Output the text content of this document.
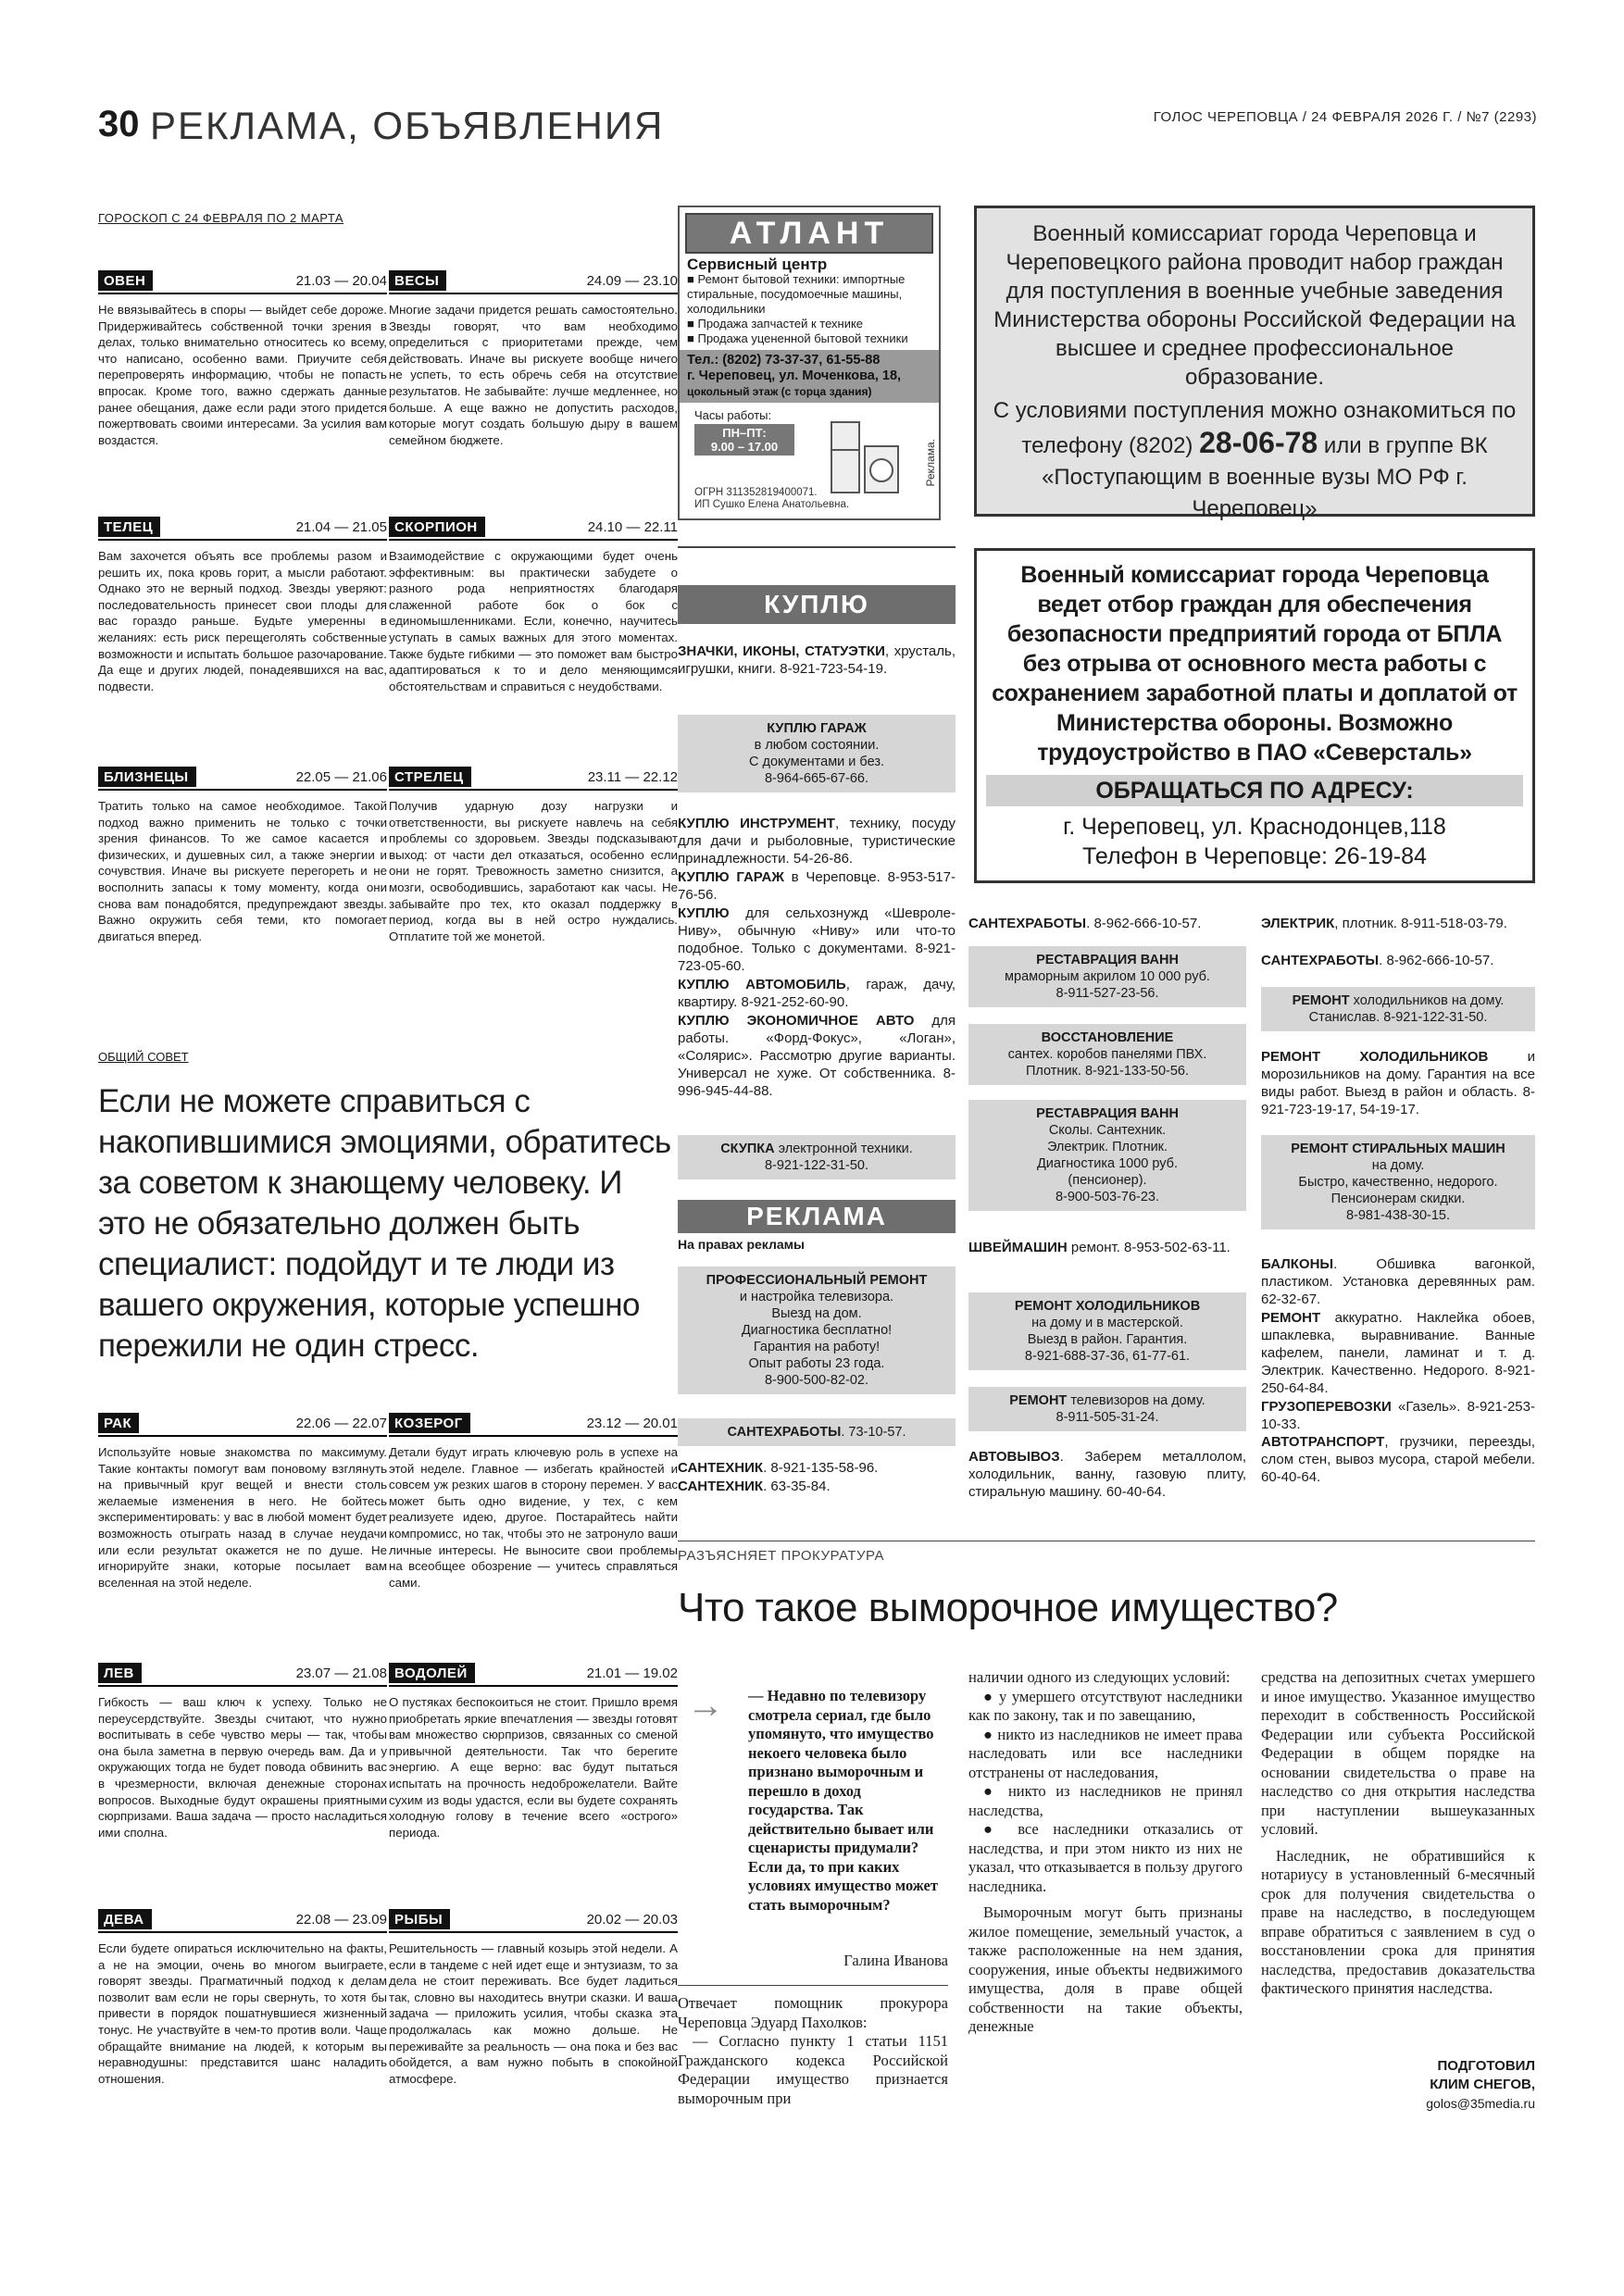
30 РЕКЛАМА, ОБЪЯВЛЕНИЯ	ГОЛОС ЧЕРЕПОВЦА / 24 ФЕВРАЛЯ 2026 Г. / №7 (2293)
ГОРОСКОП С 24 ФЕВРАЛЯ ПО 2 МАРТА
ОВЕН	21.03 — 20.04
Не ввязывайтесь в споры — выйдет себе дороже. Придерживайтесь собственной точки зрения в делах, только внимательно относитесь ко всему, что написано, особенно вами. Приучите себя перепроверять информацию, чтобы не попасть впросак. Кроме того, важно сдержать данные ранее обещания, даже если ради этого придется пожертвовать своими интересами. За усилия вам воздастся.
ВЕСЫ	24.09 — 23.10
Многие задачи придется решать самостоятельно. Звезды говорят, что вам необходимо определиться с приоритетами прежде, чем действовать. Иначе вы рискуете вообще ничего не успеть, то есть обречь себя на отсутствие результатов. Не забывайте: лучше медленнее, но больше. А еще важно не допустить расходов, которые могут создать большую дыру в вашем семейном бюджете.
ТЕЛЕЦ	21.04 — 21.05
Вам захочется объять все проблемы разом и решить их, пока кровь горит, а мысли работают. Однако это не верный подход. Звезды уверяют: последовательность принесет свои плоды для вас гораздо раньше. Будьте умеренны в желаниях: есть риск перещеголять собственные возможности и испытать большое разочарование. Да еще и других людей, понадеявшихся на вас, подвести.
СКОРПИОН	24.10 — 22.11
Взаимодействие с окружающими будет очень эффективным: вы практически забудете о разного рода неприятностях благодаря слаженной работе бок о бок с единомышленниками. Если, конечно, научитесь уступать в самых важных для этого моментах. Также будьте гибкими — это поможет вам быстро адаптироваться к то и дело меняющимся обстоятельствам и справиться с неудобствами.
БЛИЗНЕЦЫ	22.05 — 21.06
Тратить только на самое необходимое. Такой подход важно применить не только с точки зрения финансов. То же самое касается и физических, и душевных сил, а также энергии и сочувствия. Иначе вы рискуете перегореть и не восполнить запасы к тому моменту, когда они снова вам понадобятся, предупреждают звезды. Важно окружить себя теми, кто помогает двигаться вперед.
СТРЕЛЕЦ	23.11 — 22.12
Получив ударную дозу нагрузки и ответственности, вы рискуете навлечь на себя проблемы со здоровьем. Звезды подсказывают выход: от части дел отказаться, особенно если они не горят. Тревожность заметно снизится, а мозги, освободившись, заработают как часы. Не забывайте про тех, кто оказал поддержку в период, когда вы в ней остро нуждались. Отплатите той же монетой.
ОБЩИЙ СОВЕТ
Если не можете справиться с накопившимися эмоциями, обратитесь за советом к знающему человеку. И это не обязательно должен быть специалист: подойдут и те люди из вашего окружения, которые успешно пережили не один стресс.
РАК	22.06 — 22.07
Используйте новые знакомства по максимуму. Такие контакты помогут вам поновому взглянуть на привычный круг вещей и внести столь желаемые изменения в него. Не бойтесь экспериментировать: у вас в любой момент будет возможность отыграть назад в случае неудачи или если результат окажется не по душе. Не игнорируйте знаки, которые посылает вам вселенная на этой неделе.
КОЗЕРОГ	23.12 — 20.01
Детали будут играть ключевую роль в успехе на этой неделе. Главное — избегать крайностей и совсем уж резких шагов в сторону перемен. У вас может быть одно видение, у тех, с кем реализуете идею, другое. Постарайтесь найти компромисс, но так, чтобы это не затронуло ваши личные интересы. Не выносите свои проблемы на всеобщее обозрение — учитесь справляться сами.
ЛЕВ	23.07 — 21.08
Гибкость — ваш ключ к успеху. Только не переусердствуйте. Звезды считают, что нужно воспитывать в себе чувство меры — так, чтобы она была заметна в первую очередь вам. Да и у окружающих тогда не будет повода обвинить вас в чрезмерности, включая денежные сторонах вопросов. Выходные будут окрашены приятными сюрпризами. Ваша задача — просто насладиться ими сполна.
ВОДОЛЕЙ	21.01 — 19.02
О пустяках беспокоиться не стоит. Пришло время приобретать яркие впечатления — звезды готовят вам множество сюрпризов, связанных со сменой привычной деятельности. Так что берегите энергию. А еще верно: вас будут пытаться испытать на прочность недоброжелатели. Вайте сухим из воды удастся, если вы будете сохранять холодную голову в течение всего «острого» периода.
ДЕВА	22.08 — 23.09
Если будете опираться исключительно на факты, а не на эмоции, очень во многом выиграете, говорят звезды. Прагматичный подход к делам позволит вам если не горы свернуть, то хотя бы привести в порядок пошатнувшиеся жизненный тонус. Не участвуйте в чем-то против воли. Чаще обращайте внимание на людей, к которым вы неравнодушны: представится шанс наладить отношения.
РЫБЫ	20.02 — 20.03
Решительность — главный козырь этой недели. А если в тандеме с ней идет еще и энтузиазм, то за дела не стоит переживать. Все будет ладиться так, словно вы находитесь внутри сказки. И ваша задача — приложить усилия, чтобы сказка эта продолжалась как можно дольше. Не переживайте за реальность — она пока и без вас обойдется, а вам нужно побыть в спокойной атмосфере.
АТЛАНТ
Сервисный центр
■ Ремонт бытовой техники: импортные стиральные, посудомоечные машины, холодильники
■ Продажа запчастей к технике
■ Продажа уцененной бытовой техники
Тел.: (8202) 73-37-37, 61-55-88
г. Череповец, ул. Моченкова, 18,
цокольный этаж (с торца здания)
Часы работы:
ПН–ПТ:
9.00 – 17.00
ОГРН 311352819400071.
ИП Сушко Елена Анатольевна.
Реклама.
Военный комиссариат города Череповца и Череповецкого района проводит набор граждан для поступления в военные учебные заведения Министерства обороны Российской Федерации на высшее и среднее профессиональное образование.
С условиями поступления можно ознакомиться по телефону (8202) 28-06-78 или в группе ВК
«Поступающим в военные вузы МО РФ г. Череповец»
Военный комиссариат города Череповца ведет отбор граждан для обеспечения безопасности предприятий города от БПЛА без отрыва от основного места работы с сохранением заработной платы и доплатой от Министерства обороны. Возможно трудоустройство в ПАО «Северсталь»
ОБРАЩАТЬСЯ ПО АДРЕСУ:
г. Череповец, ул. Краснодонцев,118
Телефон в Череповце: 26-19-84
КУПЛЮ
ЗНАЧКИ, ИКОНЫ, СТАТУЭТКИ, хрусталь, игрушки, книги. 8-921-723-54-19.
КУПЛЮ ГАРАЖ
в любом состоянии.
С документами и без.
8-964-665-67-66.
КУПЛЮ ИНСТРУМЕНТ, технику, посуду для дачи и рыболовные, туристические принадлежности. 54-26-86.
КУПЛЮ ГАРАЖ в Череповце. 8-953-517-76-56.
КУПЛЮ для сельхознужд «Шевроле-Ниву», обычную «Ниву» или что-то подобное. Только с документами. 8-921-723-05-60.
КУПЛЮ АВТОМОБИЛЬ, гараж, дачу, квартиру. 8-921-252-60-90.
КУПЛЮ ЭКОНОМИЧНОЕ АВТО для работы. «Форд-Фокус», «Логан», «Солярис». Рассмотрю другие варианты. Универсал не хуже. От собственника. 8-996-945-44-88.
СКУПКА электронной техники.
8-921-122-31-50.
РЕКЛАМА
На правах рекламы
ПРОФЕССИОНАЛЬНЫЙ РЕМОНТ
и настройка телевизора.
Выезд на дом.
Диагностика бесплатно!
Гарантия на работу!
Опыт работы 23 года.
8-900-500-82-02.
САНТЕХРАБОТЫ. 73-10-57.
САНТЕХНИК. 8-921-135-58-96.
САНТЕХНИК. 63-35-84.
САНТЕХРАБОТЫ. 8-962-666-10-57.
РЕСТАВРАЦИЯ ВАНН
мраморным акрилом 10 000 руб.
8-911-527-23-56.
ВОССТАНОВЛЕНИЕ
сантех. коробов панелями ПВХ.
Плотник. 8-921-133-50-56.
РЕСТАВРАЦИЯ ВАНН
Сколы. Сантехник.
Электрик. Плотник.
Диагностика 1000 руб.
(пенсионер).
8-900-503-76-23.
ШВЕЙМАШИН ремонт. 8-953-502-63-11.
РЕМОНТ ХОЛОДИЛЬНИКОВ
на дому и в мастерской.
Выезд в район. Гарантия.
8-921-688-37-36, 61-77-61.
РЕМОНТ телевизоров на дому.
8-911-505-31-24.
АВТОВЫВОЗ. Заберем металлолом, холодильник, ванну, газовую плиту, стиральную машину. 60-40-64.
ЭЛЕКТРИК, плотник. 8-911-518-03-79.
САНТЕХРАБОТЫ. 8-962-666-10-57.
РЕМОНТ холодильников на дому.
Станислав. 8-921-122-31-50.
РЕМОНТ ХОЛОДИЛЬНИКОВ и морозильников на дому. Гарантия на все виды работ. Выезд в район и область. 8-921-723-19-17, 54-19-17.
РЕМОНТ СТИРАЛЬНЫХ МАШИН
на дому.
Быстро, качественно, недорого.
Пенсионерам скидки.
8-981-438-30-15.
БАЛКОНЫ. Обшивка вагонкой, пластиком. Установка деревянных рам. 62-32-67.
РЕМОНТ аккуратно. Наклейка обоев, шпаклевка, выравнивание. Ванные кафелем, панели, ламинат и т. д. Электрик. Качественно. Недорого. 8-921-250-64-84.
ГРУЗОПЕРЕВОЗКИ «Газель». 8-921-253-10-33.
АВТОТРАНСПОРТ, грузчики, переезды, слом стен, вывоз мусора, старой мебели. 60-40-64.
РАЗЪЯСНЯЕТ ПРОКУРАТУРА
Что такое выморочное имущество?
→ — Недавно по телевизору смотрела сериал, где было упомянуто, что имущество некоего человека было признано выморочным и перешло в доход государства. Так действительно бывает или сценаристы придумали? Если да, то при каких условиях имущество может стать выморочным?
Галина Иванова
Отвечает помощник прокурора Череповца Эдуард Пахолков:
— Согласно пункту 1 статьи 1151 Гражданского кодекса Российской Федерации имущество признается выморочным при
наличии одного из следующих условий:
● у умершего отсутствуют наследники как по закону, так и по завещанию,
● никто из наследников не имеет права наследовать или все наследники отстранены от наследования,
● никто из наследников не принял наследства,
● все наследники отказались от наследства, и при этом никто из них не указал, что отказывается в пользу другого наследника.
Выморочным могут быть признаны жилое помещение, земельный участок, а также расположенные на нем здания, сооружения, иные объекты недвижимого имущества, доля в праве общей собственности на такие объекты, денежные
средства на депозитных счетах умершего и иное имущество. Указанное имущество переходит в собственность Российской Федерации или субъекта Российской Федерации в общем порядке на основании свидетельства о праве на наследство со дня открытия наследства при наступлении вышеуказанных условий.
Наследник, не обратившийся к нотариусу в установленный 6-месячный срок для получения свидетельства о праве на наследство, в последующем вправе обратиться с заявлением в суд о восстановлении срока для принятия наследства, предоставив доказательства фактического принятия наследства.
ПОДГОТОВИЛ
КЛИМ СНЕГОВ,
golos@35media.ru
